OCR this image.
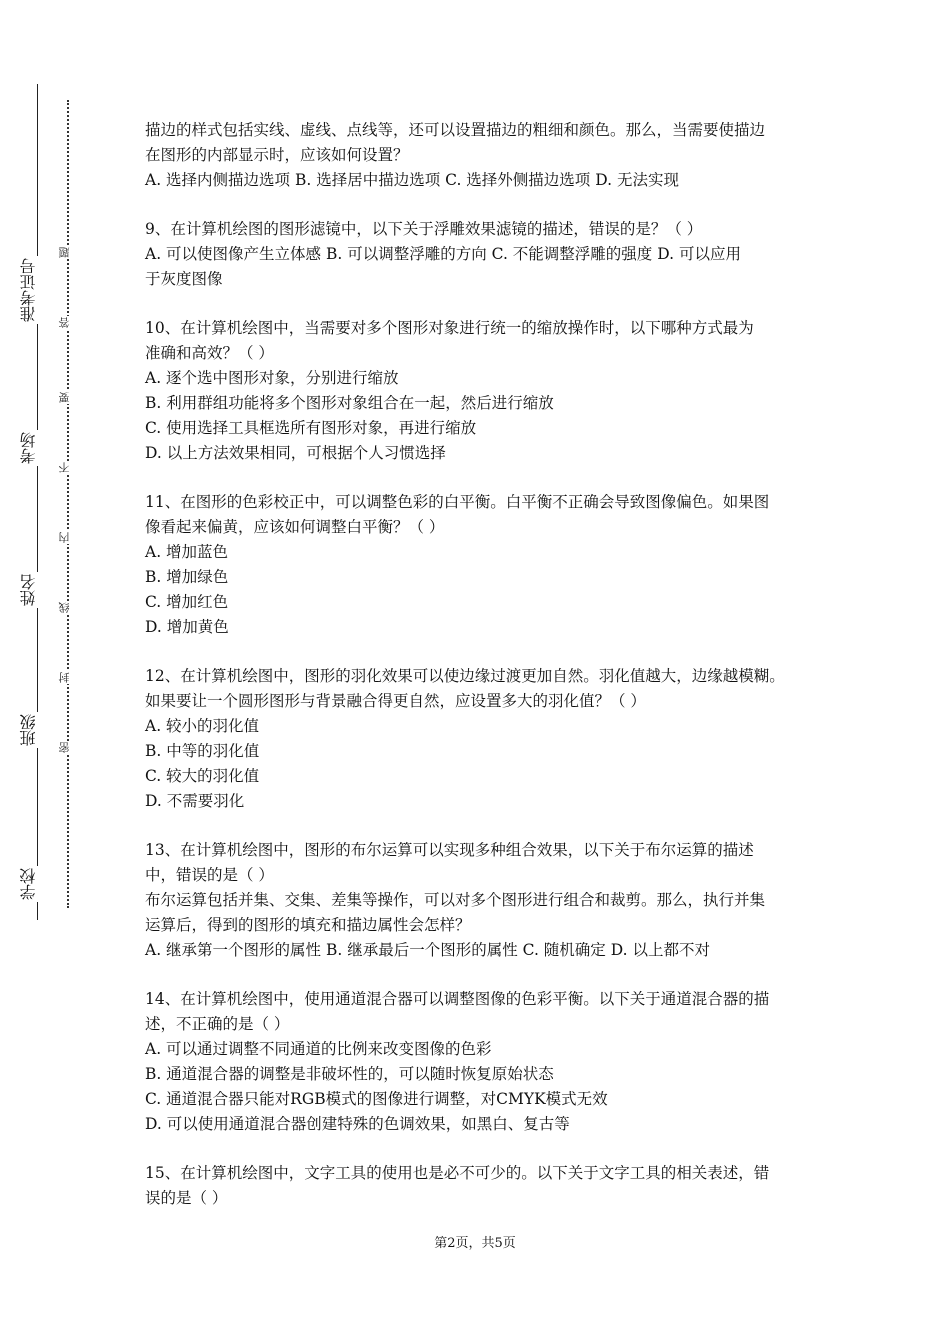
学校
班级
姓名
考场
准考证号
密
封
线
内
不
要
答
题
描边的样式包括实线、虚线、点线等，还可以设置描边的粗细和颜色。那么，当需要使描边
在图形的内部显示时，应该如何设置？
A. 选择内侧描边选项 B. 选择居中描边选项 C. 选择外侧描边选项 D. 无法实现
9、在计算机绘图的图形滤镜中，以下关于浮雕效果滤镜的描述，错误的是？（ ）
A. 可以使图像产生立体感 B. 可以调整浮雕的方向 C. 不能调整浮雕的强度 D. 可以应用
于灰度图像
10、在计算机绘图中，当需要对多个图形对象进行统一的缩放操作时，以下哪种方式最为
准确和高效？（ ）
A. 逐个选中图形对象，分别进行缩放
B. 利用群组功能将多个图形对象组合在一起，然后进行缩放
C. 使用选择工具框选所有图形对象，再进行缩放
D. 以上方法效果相同，可根据个人习惯选择
11、在图形的色彩校正中，可以调整色彩的白平衡。白平衡不正确会导致图像偏色。如果图
像看起来偏黄，应该如何调整白平衡？（ ）
A. 增加蓝色
B. 增加绿色
C. 增加红色
D. 增加黄色
12、在计算机绘图中，图形的羽化效果可以使边缘过渡更加自然。羽化值越大，边缘越模糊。
如果要让一个圆形图形与背景融合得更自然，应设置多大的羽化值？（ ）
A. 较小的羽化值
B. 中等的羽化值
C. 较大的羽化值
D. 不需要羽化
13、在计算机绘图中，图形的布尔运算可以实现多种组合效果，以下关于布尔运算的描述
中，错误的是（ ）
布尔运算包括并集、交集、差集等操作，可以对多个图形进行组合和裁剪。那么，执行并集
运算后，得到的图形的填充和描边属性会怎样？
A. 继承第一个图形的属性 B. 继承最后一个图形的属性 C. 随机确定 D. 以上都不对
14、在计算机绘图中，使用通道混合器可以调整图像的色彩平衡。以下关于通道混合器的描
述，不正确的是（ ）
A. 可以通过调整不同通道的比例来改变图像的色彩
B. 通道混合器的调整是非破坏性的，可以随时恢复原始状态
C. 通道混合器只能对RGB模式的图像进行调整，对CMYK模式无效
D. 可以使用通道混合器创建特殊的色调效果，如黑白、复古等
15、在计算机绘图中，文字工具的使用也是必不可少的。以下关于文字工具的相关表述，错
误的是（ ）
第2页，共5页
